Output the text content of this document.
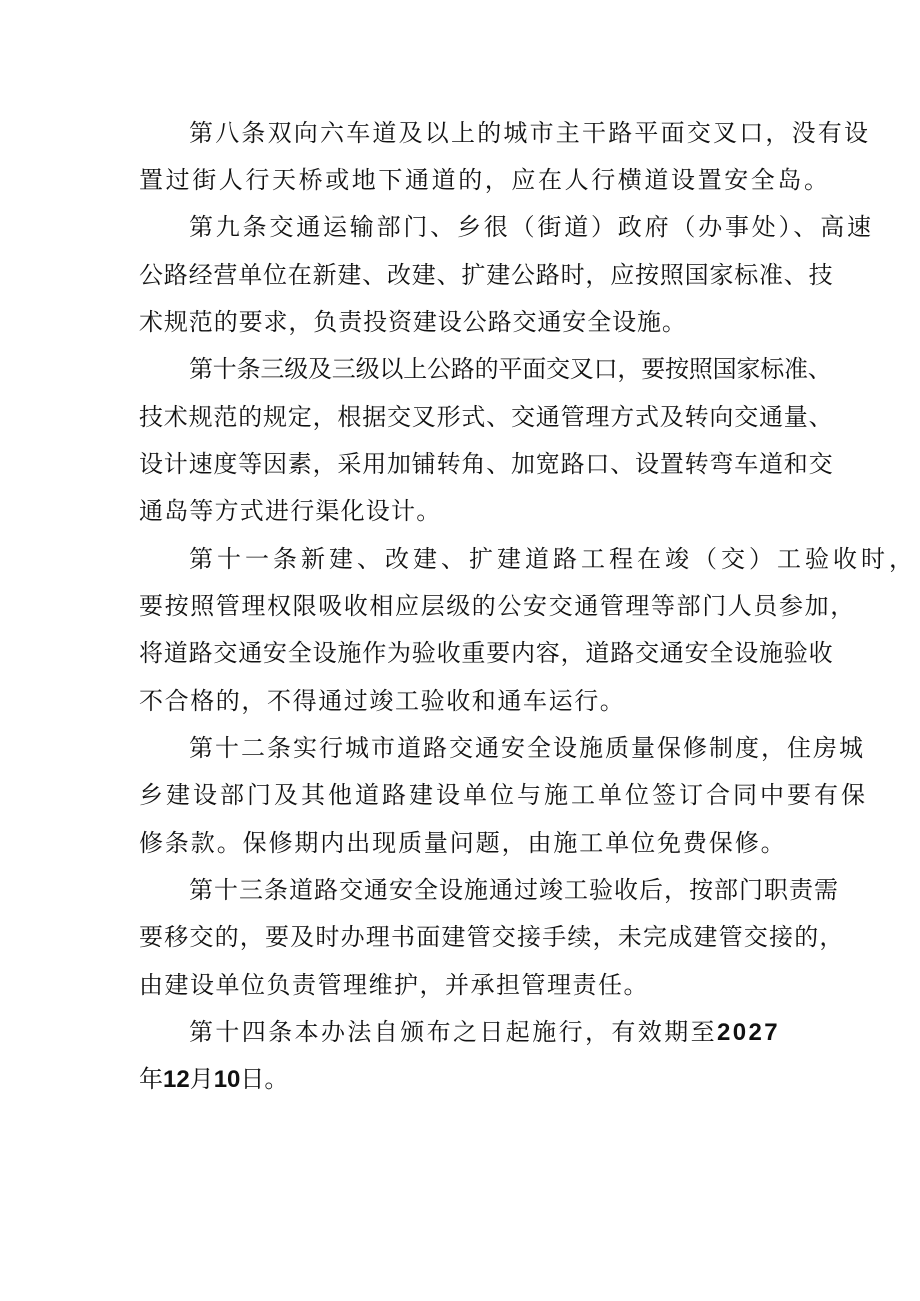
第八条双向六车道及以上的城市主干路平面交叉口，没有设
置过街人行天桥或地下通道的，应在人行横道设置安全岛。
第九条交通运输部门、乡很（街道）政府（办事处）、高速
公路经营单位在新建、改建、扩建公路时，应按照国家标准、技
术规范的要求，负责投资建设公路交通安全设施。
第十条三级及三级以上公路的平面交叉口，要按照国家标准、
技术规范的规定，根据交叉形式、交通管理方式及转向交通量、
设计速度等因素，采用加铺转角、加宽路口、设置转弯车道和交
通岛等方式进行渠化设计。
第十一条新建、改建、扩建道路工程在竣（交）工验收时，
要按照管理权限吸收相应层级的公安交通管理等部门人员参加，
将道路交通安全设施作为验收重要内容，道路交通安全设施验收
不合格的，不得通过竣工验收和通车运行。
第十二条实行城市道路交通安全设施质量保修制度，住房城
乡建设部门及其他道路建设单位与施工单位签订合同中要有保
修条款。保修期内出现质量问题，由施工单位免费保修。
第十三条道路交通安全设施通过竣工验收后，按部门职责需
要移交的，要及时办理书面建管交接手续，未完成建管交接的，
由建设单位负责管理维护，并承担管理责任。
第十四条本办法自颁布之日起施行，有效期至2027
年12月10日。
